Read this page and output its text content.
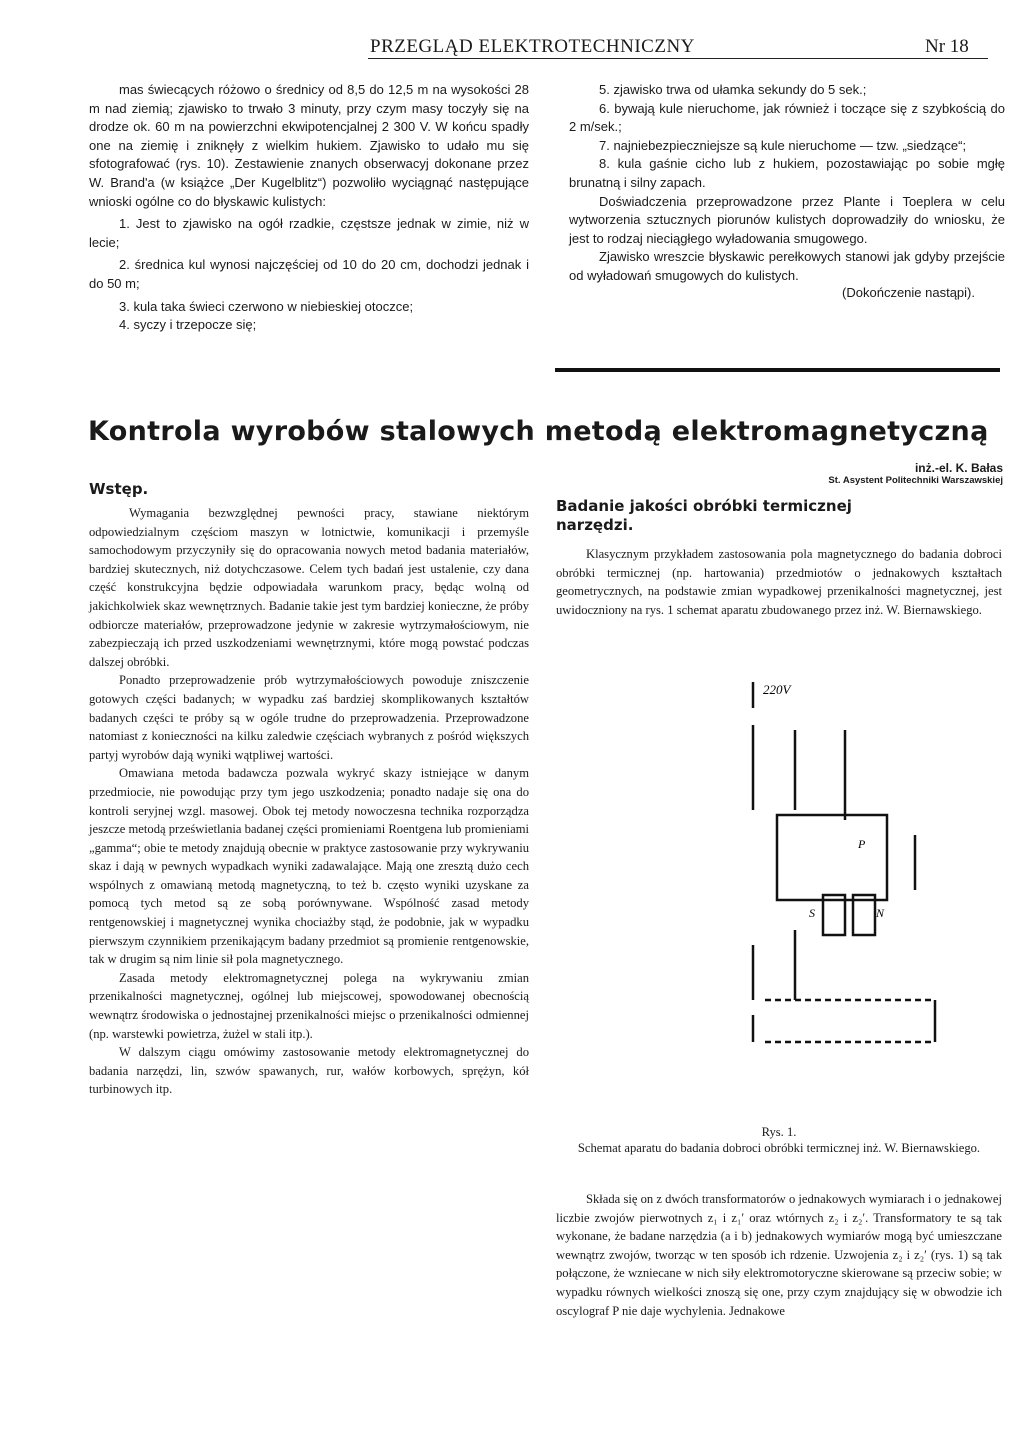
PRZEGLĄD ELEKTROTECHNICZNY	Nr 18

mas świecących różowo o średnicy od 8,5 do 12,5 m na wysokości 28 m nad ziemią; zjawisko to trwało 3 minuty, przy czym masy toczyły się na drodze ok. 60 m na powierzchni ekwipotencjalnej 2 300 V. W końcu spadły one na ziemię i zniknęły z wielkim hukiem. Zjawisko to udało mu się sfotografować (rys. 10). Zestawienie znanych obserwacyj dokonane przez W. Brand'a (w książce „Der Kugelblitz“) pozwoliło wyciągnąć następujące wnioski ogólne co do błyskawic kulistych:

1. Jest to zjawisko na ogół rzadkie, częstsze jednak w zimie, niż w lecie;

2. średnica kul wynosi najczęściej od 10 do 20 cm, dochodzi jednak i do 50 m;

3. kula taka świeci czerwono w niebieskiej otoczce;

4. syczy i trzepocze się;

5. zjawisko trwa od ułamka sekundy do 5 sek.;

6. bywają kule nieruchome, jak również i toczące się z szybkością do 2 m/sek.;

7. najniebezpieczniejsze są kule nieruchome — tzw. „siedzące“;

8. kula gaśnie cicho lub z hukiem, pozostawiając po sobie mgłę brunatną i silny zapach.

Doświadczenia przeprowadzone przez Plante i Toeplera w celu wytworzenia sztucznych piorunów kulistych doprowadziły do wniosku, że jest to rodzaj nieciągłego wyładowania smugowego.

Zjawisko wreszcie błyskawic perełkowych stanowi jak gdyby przejście od wyładowań smugowych do kulistych.

(Dokończenie nastąpi).

Kontrola wyrobów stalowych metodą elektromagnetyczną
inż.-el. K. Bałas
St. Asystent Politechniki Warszawskiej
Wstęp.

Wymagania bezwzględnej pewności pracy, stawiane niektórym odpowiedzialnym częściom maszyn w lotnictwie, komunikacji i przemyśle samochodowym przyczyniły się do opracowania nowych metod badania materiałów, bardziej skutecznych, niż dotychczasowe. Celem tych badań jest ustalenie, czy dana część konstrukcyjna będzie odpowiadała warunkom pracy, będąc wolną od jakichkolwiek skaz wewnętrznych. Badanie takie jest tym bardziej konieczne, że próby odbiorcze materiałów, przeprowadzone jedynie w zakresie wytrzymałościowym, nie zabezpieczają ich przed uszkodzeniami wewnętrznymi, które mogą powstać podczas dalszej obróbki.

Ponadto przeprowadzenie prób wytrzymałościowych powoduje zniszczenie gotowych części badanych; w wypadku zaś bardziej skomplikowanych kształtów badanych części te próby są w ogóle trudne do przeprowadzenia. Przeprowadzone natomiast z konieczności na kilku zaledwie częściach wybranych z pośród większych partyj wyrobów dają wyniki wątpliwej wartości.

Omawiana metoda badawcza pozwala wykryć skazy istniejące w danym przedmiocie, nie powodując przy tym jego uszkodzenia; ponadto nadaje się ona do kontroli seryjnej wzgl. masowej. Obok tej metody nowoczesna technika rozporządza jeszcze metodą prześwietlania badanej części promieniami Roentgena lub promieniami „gamma“; obie te metody znajdują obecnie w praktyce zastosowanie przy wykrywaniu skaz i dają w pewnych wypadkach wyniki zadawalające. Mają one zresztą dużo cech wspólnych z omawianą metodą magnetyczną, to też b. często wyniki uzyskane za pomocą tych metod są ze sobą porównywane. Wspólność zasad metody rentgenowskiej i magnetycznej wynika chociażby stąd, że podobnie, jak w wypadku pierwszym czynnikiem przenikającym badany przedmiot są promienie rentgenowskie, tak w drugim są nim linie sił pola magnetycznego.

Zasada metody elektromagnetycznej polega na wykrywaniu zmian przenikalności magnetycznej, ogólnej lub miejscowej, spowodowanej obecnością wewnątrz środowiska o jednostajnej przenikalności miejsc o przenikalności odmiennej (np. warstewki powietrza, żużel w stali itp.).

W dalszym ciągu omówimy zastosowanie metody elektromagnetycznej do badania narzędzi, lin, szwów spawanych, rur, wałów korbowych, sprężyn, kół turbinowych itp.

Badanie jakości obróbki termicznej narzędzi.

Klasycznym przykładem zastosowania pola magnetycznego do badania dobroci obróbki termicznej (np. hartowania) przedmiotów o jednakowych kształtach geometrycznych, na podstawie zmian wypadkowej przenikalności magnetycznej, jest uwidoczniony na rys. 1 schemat aparatu zbudowanego przez inż. W. Biernawskiego.

220V
P
S	N
Rys. 1.
Schemat aparatu do badania dobroci obróbki termicznej inż. W. Biernawskiego.

Składa się on z dwóch transformatorów o jednakowych wymiarach i o jednakowej liczbie zwojów pierwotnych z₁ i z₁′ oraz wtórnych z₂ i z₂′. Transformatory te są tak wykonane, że badane narzędzia (a i b) jednakowych wymiarów mogą być umieszczane wewnątrz zwojów, tworząc w ten sposób ich rdzenie. Uzwojenia z₂ i z₂′ (rys. 1) są tak połączone, że wzniecane w nich siły elektromotoryczne skierowane są przeciw sobie; w wypadku równych wielkości znoszą się one, przy czym znajdujący się w obwodzie ich oscylograf P nie daje wychylenia. Jednakowe
